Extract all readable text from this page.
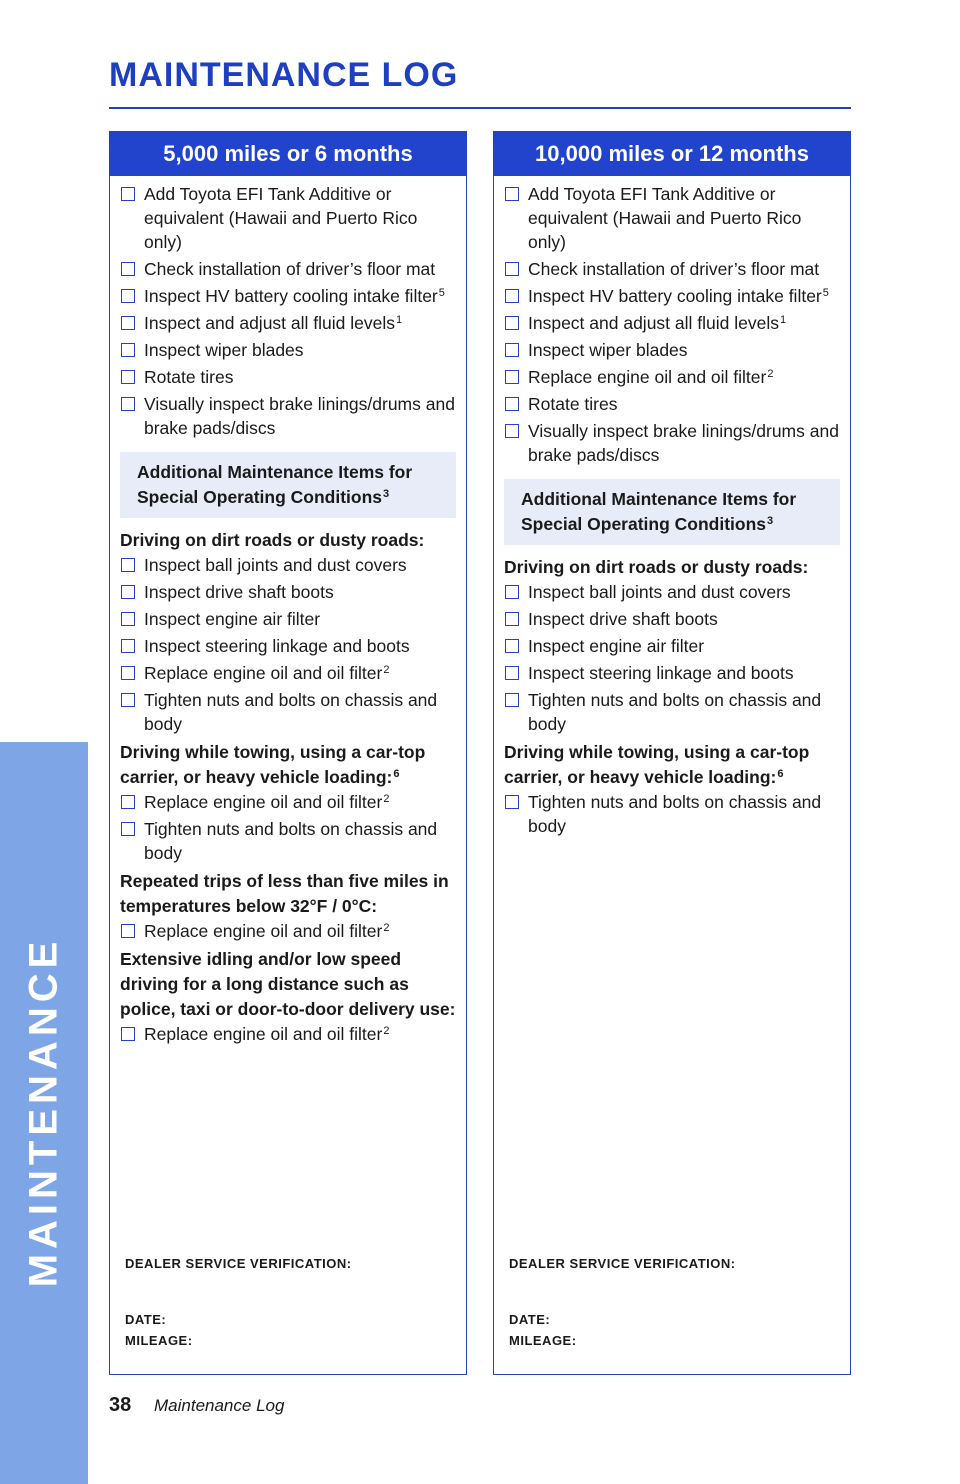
MAINTENANCE
MAINTENANCE LOG
5,000 miles or 6 months
Add Toyota EFI Tank Additive or equivalent (Hawaii and Puerto Rico only)
Check installation of driver’s floor mat
Inspect HV battery cooling intake filter$^5$
Inspect and adjust all fluid levels$^1$
Inspect wiper blades
Rotate tires
Visually inspect brake linings/drums and brake pads/discs
Additional Maintenance Items for Special Operating Conditions$^3$
Driving on dirt roads or dusty roads:
Inspect ball joints and dust covers
Inspect drive shaft boots
Inspect engine air filter
Inspect steering linkage and boots
Replace engine oil and oil filter$^2$
Tighten nuts and bolts on chassis and body
Driving while towing, using a car-top carrier, or heavy vehicle loading:$^6$
Replace engine oil and oil filter$^2$
Tighten nuts and bolts on chassis and body
Repeated trips of less than five miles in temperatures below 32°F / 0°C:
Replace engine oil and oil filter$^2$
Extensive idling and/or low speed driving for a long distance such as police, taxi or door-to-door delivery use:
Replace engine oil and oil filter$^2$
DEALER SERVICE VERIFICATION:
DATE:
MILEAGE:
10,000 miles or 12 months
Add Toyota EFI Tank Additive or equivalent (Hawaii and Puerto Rico only)
Check installation of driver’s floor mat
Inspect HV battery cooling intake filter$^5$
Inspect and adjust all fluid levels$^1$
Inspect wiper blades
Replace engine oil and oil filter$^2$
Rotate tires
Visually inspect brake linings/drums and brake pads/discs
Additional Maintenance Items for Special Operating Conditions$^3$
Driving on dirt roads or dusty roads:
Inspect ball joints and dust covers
Inspect drive shaft boots
Inspect engine air filter
Inspect steering linkage and boots
Tighten nuts and bolts on chassis and body
Driving while towing, using a car-top carrier, or heavy vehicle loading:$^6$
Tighten nuts and bolts on chassis and body
DEALER SERVICE VERIFICATION:
DATE:
MILEAGE:
38 Maintenance Log
